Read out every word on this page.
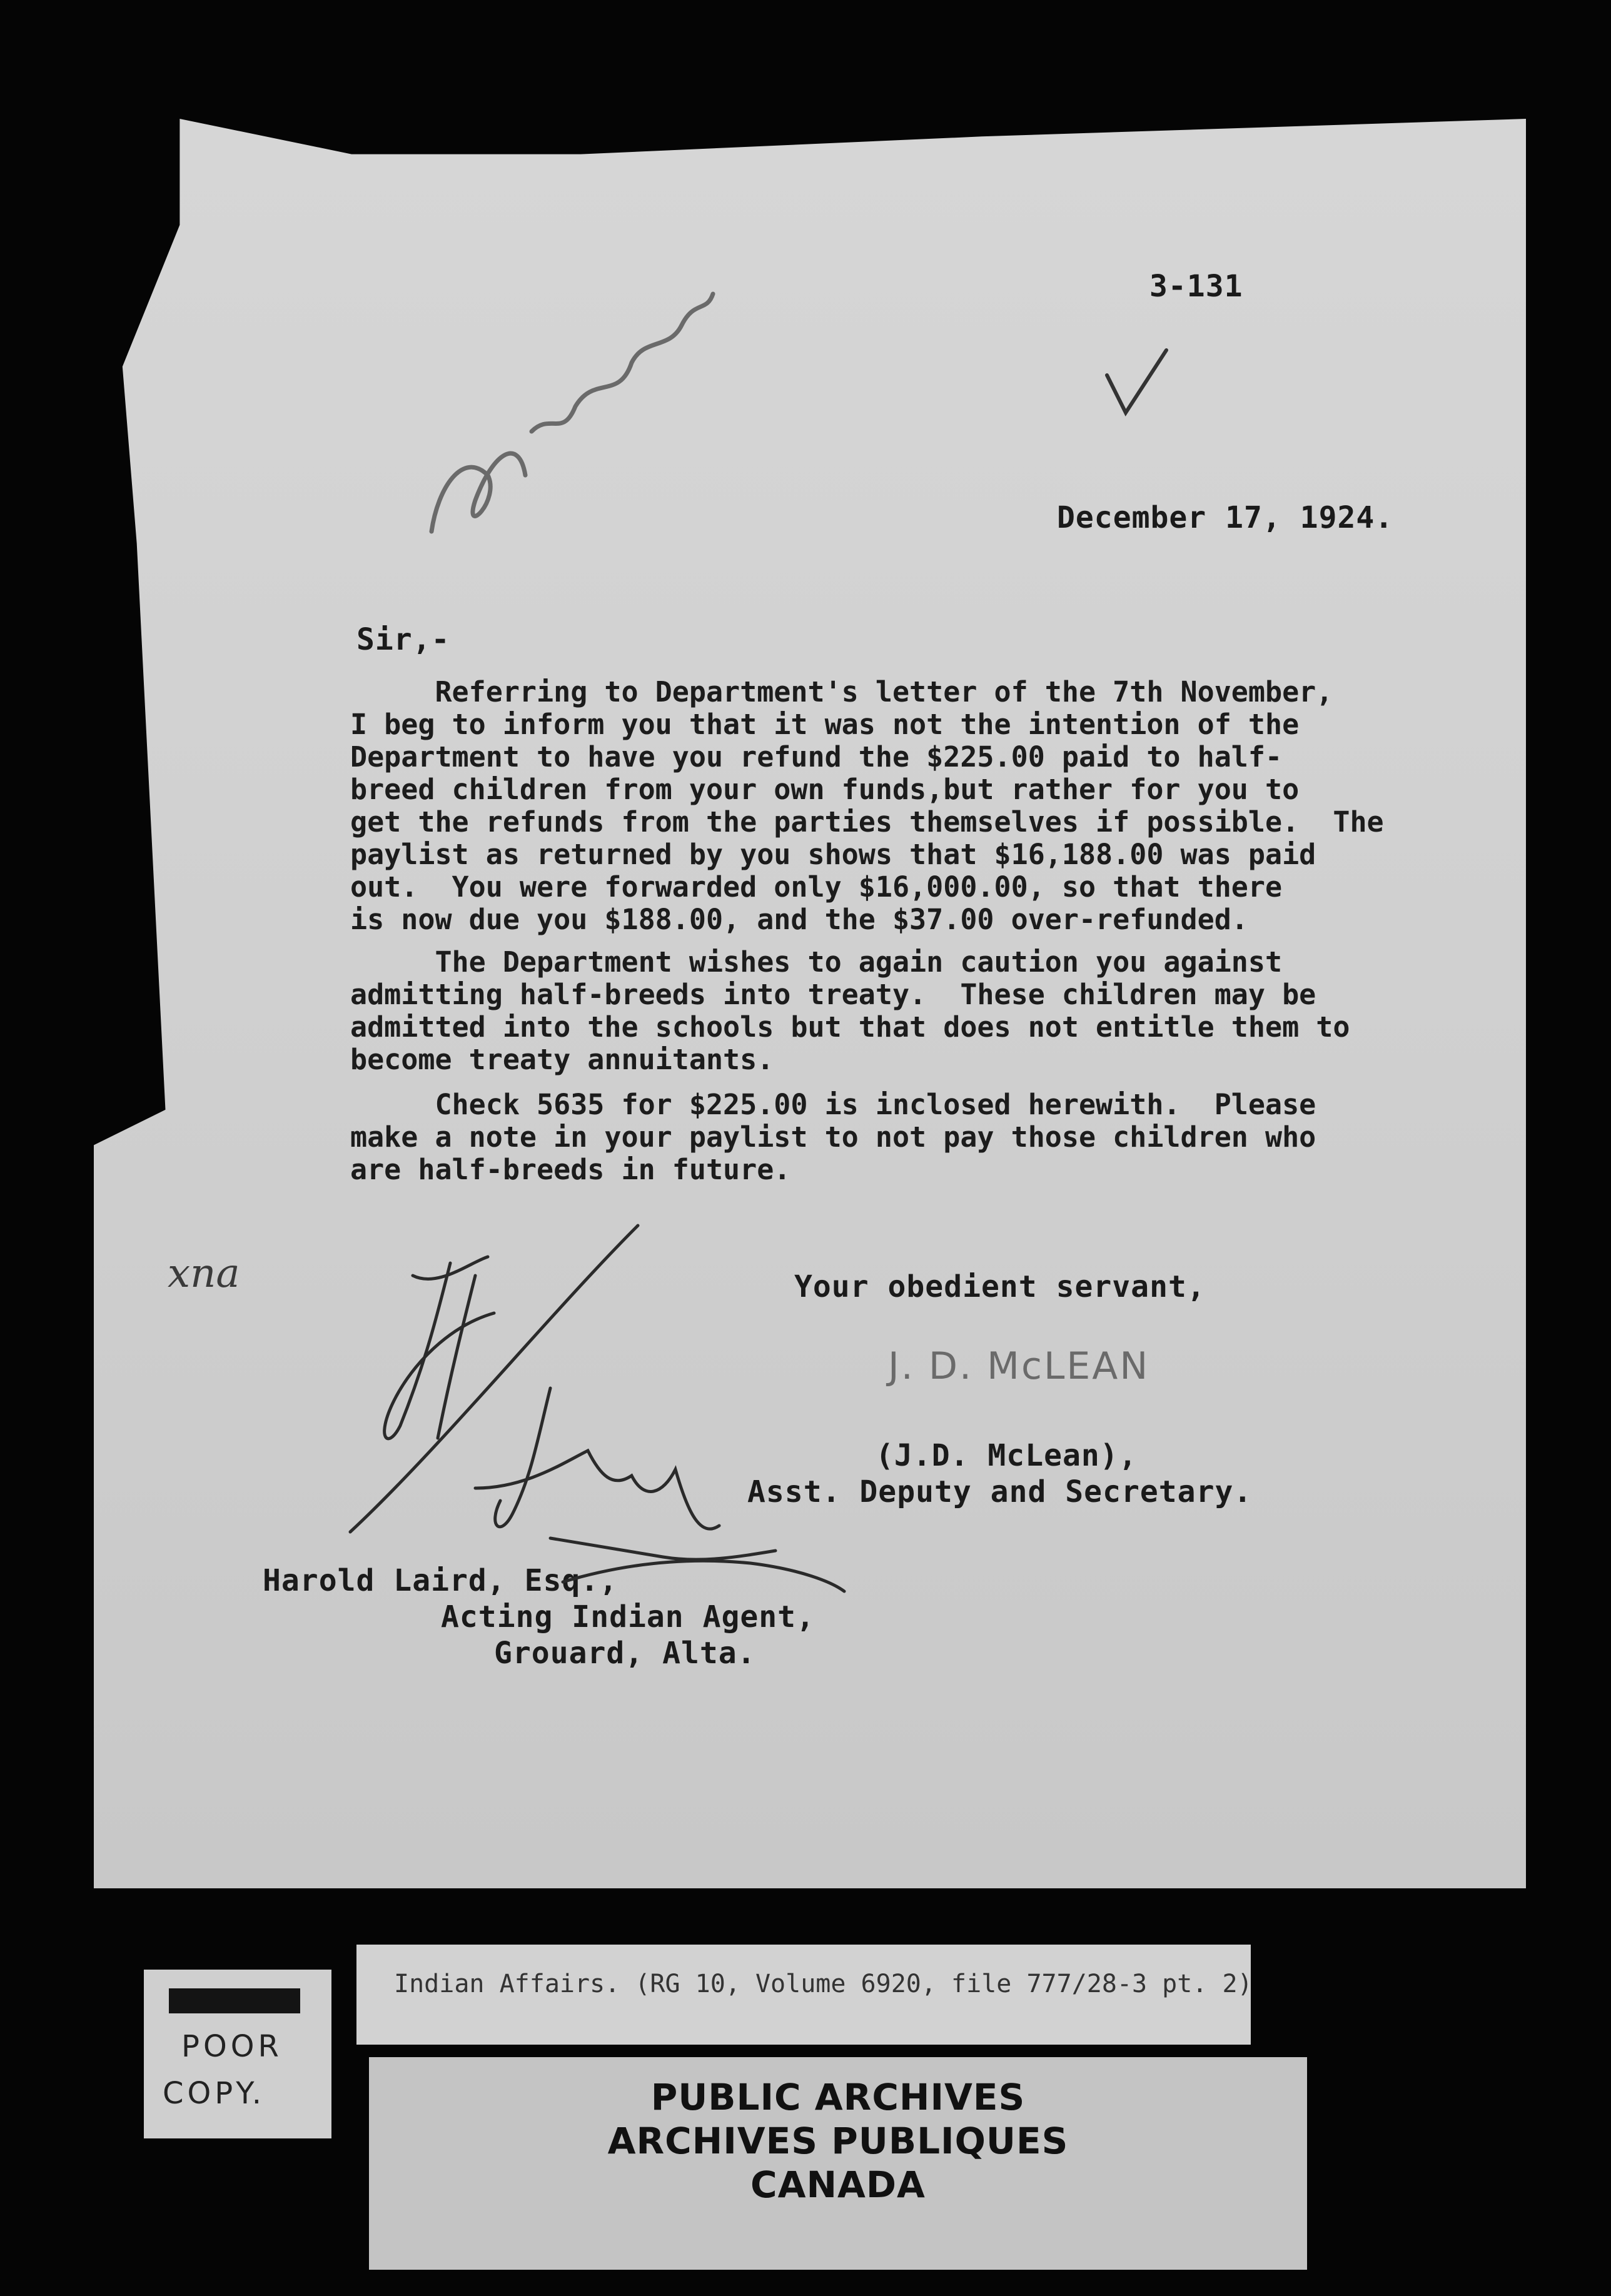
3-131
December 17, 1924.
Sir,-
Referring to Department's letter of the 7th November,
I beg to inform you that it was not the intention of the
Department to have you refund the $225.00 paid to half-
breed children from your own funds,but rather for you to
get the refunds from the parties themselves if possible.  The
paylist as returned by you shows that $16,188.00 was paid
out.  You were forwarded only $16,000.00, so that there
is now due you $188.00, and the $37.00 over-refunded.
The Department wishes to again caution you against
admitting half-breeds into treaty.  These children may be
admitted into the schools but that does not entitle them to
become treaty annuitants.
Check 5635 for $225.00 is inclosed herewith.  Please
make a note in your paylist to not pay those children who
are half-breeds in future.
Your obedient servant,
J. D. McLEAN
(J.D. McLean),
Asst. Deputy and Secretary.
Harold Laird, Esq.,
Acting Indian Agent,
Grouard, Alta.
xna
Indian Affairs. (RG 10, Volume 6920, file 777/28-3 pt. 2)
POOR
COPY.	PUBLIC ARCHIVES
ARCHIVES PUBLIQUES
CANADA
